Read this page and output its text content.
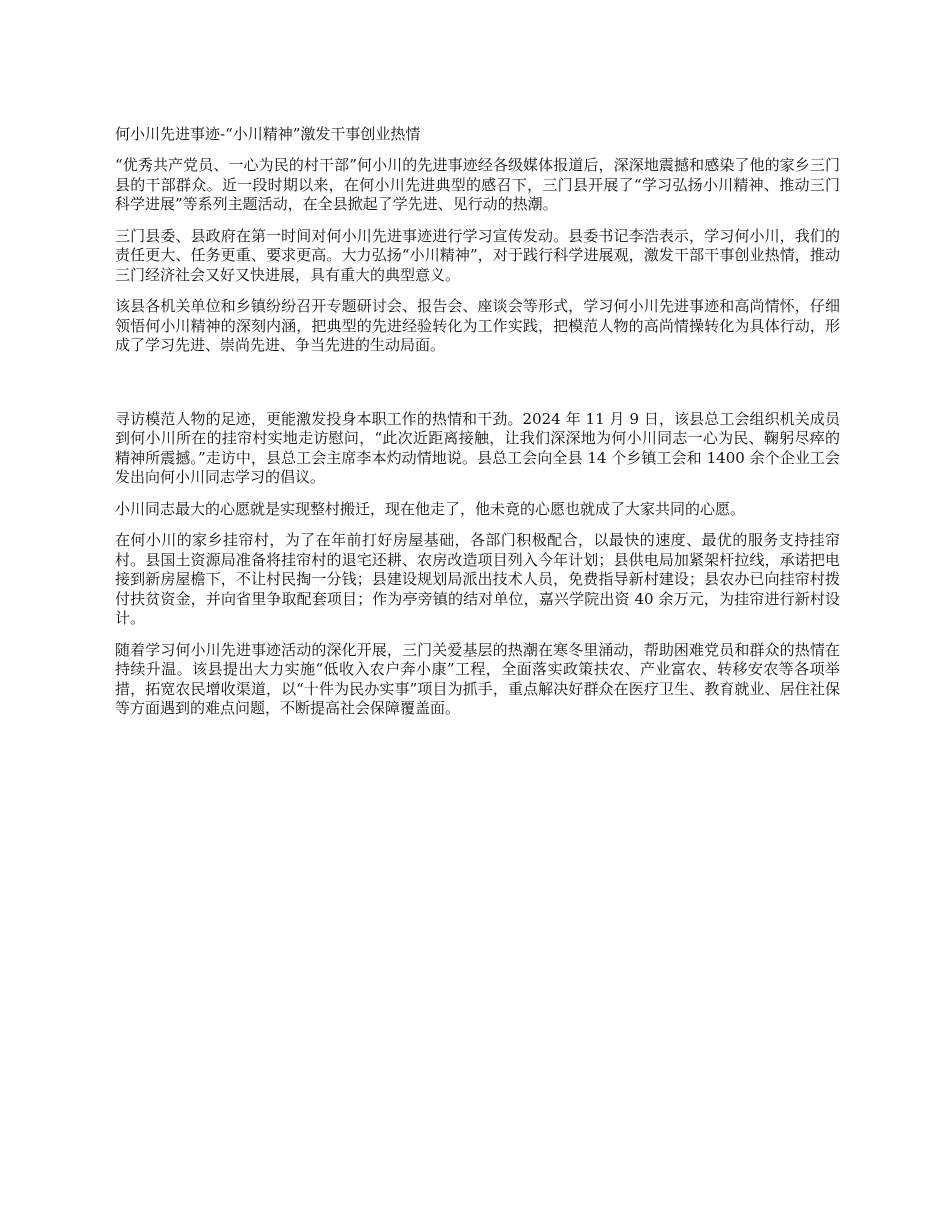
何小川先进事迹-“小川精神”激发干事创业热情

“优秀共产党员、一心为民的村干部”何小川的先进事迹经各级媒体报道后，深深地震撼和感染了他的家乡三门县的干部群众。近一段时期以来，在何小川先进典型的感召下，三门县开展了“学习弘扬小川精神、推动三门科学进展”等系列主题活动，在全县掀起了学先进、见行动的热潮。

三门县委、县政府在第一时间对何小川先进事迹进行学习宣传发动。县委书记李浩表示，学习何小川，我们的责任更大、任务更重、要求更高。大力弘扬“小川精神”，对于践行科学进展观，激发干部干事创业热情，推动三门经济社会又好又快进展，具有重大的典型意义。

该县各机关单位和乡镇纷纷召开专题研讨会、报告会、座谈会等形式，学习何小川先进事迹和高尚情怀，仔细领悟何小川精神的深刻内涵，把典型的先进经验转化为工作实践，把模范人物的高尚情操转化为具体行动，形成了学习先进、崇尚先进、争当先进的生动局面。

寻访模范人物的足迹，更能激发投身本职工作的热情和干劲。2024 年 11 月 9 日，该县总工会组织机关成员到何小川所在的挂帘村实地走访慰问，“此次近距离接触，让我们深深地为何小川同志一心为民、鞠躬尽瘁的精神所震撼。”走访中，县总工会主席李本灼动情地说。县总工会向全县 14 个乡镇工会和 1400 余个企业工会发出向何小川同志学习的倡议。

小川同志最大的心愿就是实现整村搬迁，现在他走了，他未竟的心愿也就成了大家共同的心愿。

在何小川的家乡挂帘村，为了在年前打好房屋基础，各部门积极配合，以最快的速度、最优的服务支持挂帘村。县国土资源局准备将挂帘村的退宅还耕、农房改造项目列入今年计划；县供电局加紧架杆拉线，承诺把电接到新房屋檐下，不让村民掏一分钱；县建设规划局派出技术人员，免费指导新村建设；县农办已向挂帘村拨付扶贫资金，并向省里争取配套项目；作为亭旁镇的结对单位，嘉兴学院出资 40 余万元，为挂帘进行新村设计。

随着学习何小川先进事迹活动的深化开展，三门关爱基层的热潮在寒冬里涌动，帮助困难党员和群众的热情在持续升温。该县提出大力实施“低收入农户奔小康”工程，全面落实政策扶农、产业富农、转移安农等各项举措，拓宽农民增收渠道，以“十件为民办实事”项目为抓手，重点解决好群众在医疗卫生、教育就业、居住社保等方面遇到的难点问题，不断提高社会保障覆盖面。
